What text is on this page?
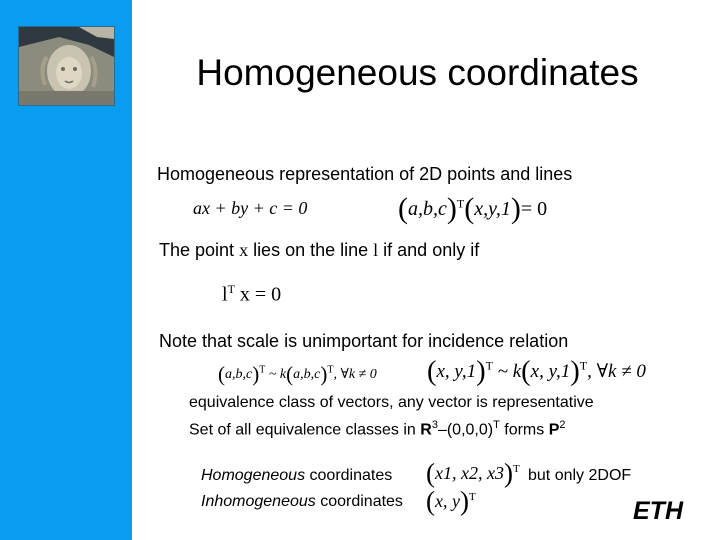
Homogeneous coordinates
Homogeneous representation of 2D points and lines
ax + by + c = 0	$(a,b,c)^T(x,y,1)= 0$
The point x lies on the line l if and only if
$l^T$ x = 0
Note that scale is unimportant for incidence relation
$(a,b,c)^T$ ~ $k(a,b,c)^T$, ∀k ≠ 0 (x, y,1)$^T$ ~ k(x, y,1)$^T$, ∀k ≠ 0
equivalence class of vectors, any vector is representative
Set of all equivalence classes in $R^3-(0,0,0)^T$ forms $P^2$
Homogeneous coordinates (x1, x2, x3)$^T$ but only 2DOF
Inhomogeneous coordinates (x, y)$^T$	ETH
